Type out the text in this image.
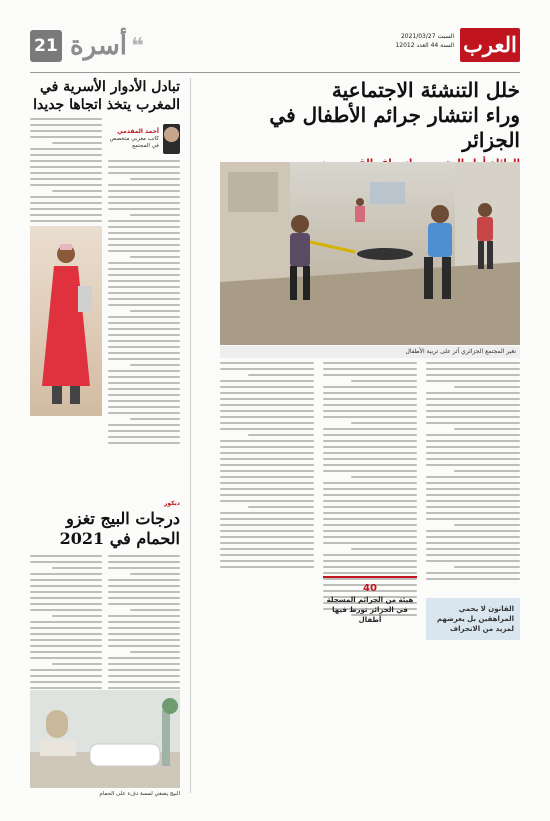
العرب
السبت 2021/03/27
السنة 44 العدد 12012
21 أسرة ❝
خلل التنشئة الاجتماعية
وراء انتشار جرائم الأطفال في الجزائر
تغير المجتمع الجزائري أثر على تربية الأطفال
40
هيئة من الجرائم المسجلة في الجزائر تورط فيها أطفال
القانون لا يحمي المراهقين بل يعرضهم لمزيد من الانحراف
تبادل الأدوار الأسرية في المغرب يتخذ اتجاها جديدا
أحمد المقدمي
كاتب مغربي متخصص في المجتمع
ديكور
درجات البيج تغزو الحمام في 2021
البيج يضفي لمسة دفء على الحمام
